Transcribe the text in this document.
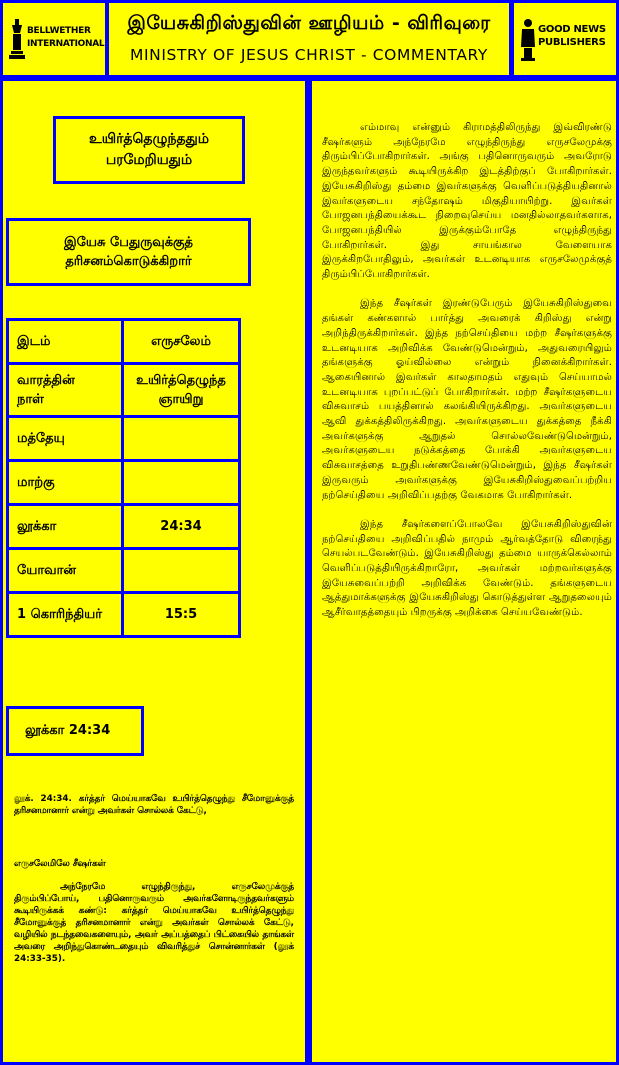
BELLWETHER
INTERNATIONAL
இயேசுகிறிஸ்துவின் ஊழியம் - விரிவுரை
MINISTRY OF JESUS CHRIST - COMMENTARY
GOOD NEWS
PUBLISHERS
உயிர்த்தெழுந்ததும்
பரமேறியதும்
இயேசு பேதுருவுக்குத்
தரிசனம்கொடுக்கிறார்
இடம்	எருசலேம்
வாரத்தின்
நாள்	உயிர்த்தெழுந்த
ஞாயிறு
மத்தேயு	
மாற்கு	
லூக்கா	24:34
யோவான்	
1 கொரிந்தியர்	15:5
லூக்கா 24:34
லூக். 24:34. கர்த்தர் மெய்யாகவே உயிர்த்தெழுந்து சீமோனுக்குத் தரிசனமானார் என்று அவர்கள் சொல்லக் கேட்டு,
எருசலேமிலே சீஷர்கள்
அந்நேரமே எழுந்திருந்து, எருசலேமுக்குத் திரும்பிப்போய், பதினொருவரும் அவர்களோடிருந்தவர்களும் கூடியிருக்கக் கண்டு: கர்த்தர் மெய்யாகவே உயிர்த்தெழுந்து சீமோனுக்குத் தரிசனமானார் என்று அவர்கள் சொல்லக் கேட்டு, வழியில் நடந்தவைகளையும், அவர் அப்பத்தைப் பிட்கையில் தாங்கள் அவரை அறிந்துகொண்டதையும் விவரித்துச் சொன்னார்கள் (லூக் 24:33-35).

எம்மாவு என்னும் கிராமத்திலிருந்து இவ்விரண்டு சீஷர்களும் அந்நேரமே எழுந்திருந்து எருசலேமுக்கு திரும்பிப்போகிறார்கள். அங்கு பதினொருவரும் அவரோடு இருந்தவர்களும் கூடியிருக்கிற இடத்திற்குப் போகிறார்கள். இயேசுகிறிஸ்து தம்மை இவர்களுக்கு வெளிப்படுத்தியதினால் இவர்களுடைய சந்தோஷம் மிகுதியாயிற்று. இவர்கள் போஜனபந்தியைக்கூட நிறைவுசெய்ய மனதில்லாதவர்களாக, போஜனபந்தியில் இருக்கும்போதே எழுந்திருந்து போகிறார்கள். இது சாயங்கால வேளையாக இருக்கிறபோதிலும், அவர்கள் உடனடியாக எருசலேமுக்குத் திரும்பிப்போகிறார்கள்.

இந்த சீஷர்கள் இரண்டுபேரும் இயேசுகிறிஸ்துவை தங்கள் கண்களால் பார்த்து அவரைக் கிறிஸ்து என்று அறிந்திருக்கிறார்கள். இந்த நற்செய்தியை மற்ற சீஷர்களுக்கு உடனடியாக அறிவிக்க வேண்டுமென்றும், அதுவரையிலும் தங்களுக்கு ஓய்வில்லை என்றும் நினைக்கிறார்கள். ஆகையினால் இவர்கள் காலதாமதம் எதுவும் செய்யாமல் உடனடியாக புறப்பட்டுப் போகிறார்கள். மற்ற சீஷர்களுடைய விசுவாசம் பயத்தினால் கலங்கியிருக்கிறது. அவர்களுடைய ஆவி துக்கத்திலிருக்கிறது. அவர்களுடைய துக்கத்தை நீக்கி அவர்களுக்கு ஆறுதல் சொல்லவேண்டுமென்றும், அவர்களுடைய நடுக்கத்தை போக்கி அவர்களுடைய விசுவாசத்தை உறுதிபண்ணவேண்டுமென்றும், இந்த சீஷர்கள் இருவரும் அவர்களுக்கு இயேசுகிறிஸ்துவைப்பற்றிய நற்செய்தியை அறிவிப்பதற்கு வேகமாக போகிறார்கள்.

இந்த சீஷர்களைப்போலவே இயேசுகிறிஸ்துவின் நற்செய்தியை அறிவிப்பதில் நாமும் ஆர்வத்தோடு விரைந்து செயல்படவேண்டும். இயேசுகிறிஸ்து தம்மை யாருக்கெல்லாம் வெளிப்படுத்தியிருக்கிறாரோ, அவர்கள் மற்றவர்களுக்கு இயேசுவைப்பற்றி அறிவிக்க வேண்டும். தங்களுடைய ஆத்துமாக்களுக்கு இயேசுகிறிஸ்து கொடுத்துள்ள ஆறுதலையும் ஆசீர்வாதத்தையும் பிறருக்கு அறிக்கை செய்யவேண்டும்.
